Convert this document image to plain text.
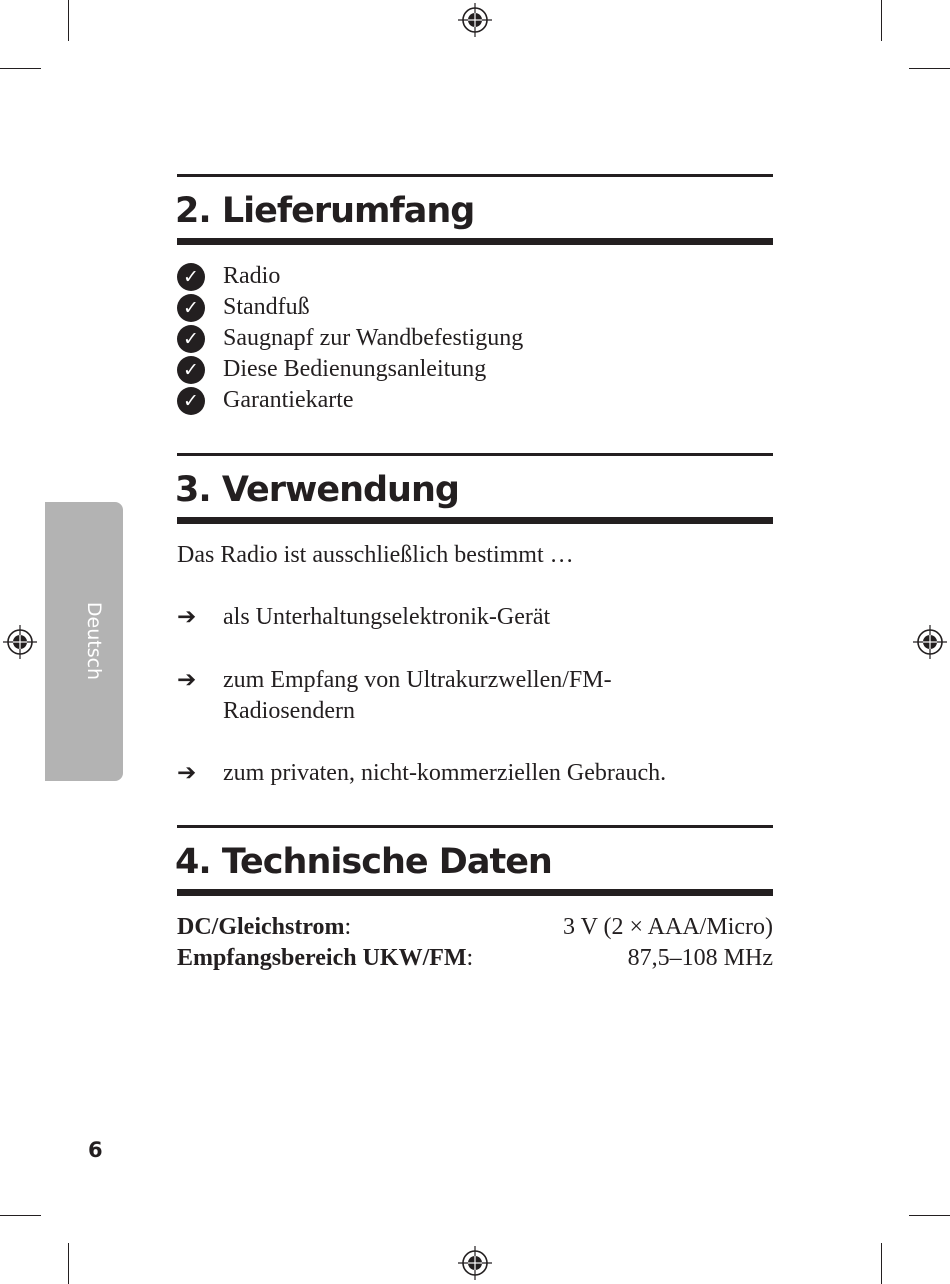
Deutsch
2. Lieferumfang
✓ Radio
✓ Standfuß
✓ Saugnapf zur Wandbefestigung
✓ Diese Bedienungsanleitung
✓ Garantiekarte
3. Verwendung
Das Radio ist ausschließlich bestimmt …
➔	als Unterhaltungselektronik-Gerät
➔	zum Empfang von Ultrakurzwellen/FM-
Radiosendern
➔	zum privaten, nicht-kommerziellen Gebrauch.
4. Technische Daten
DC/Gleichstrom:	3 V (2 × AAA/Micro)
Empfangsbereich UKW/FM:	87,5–108 MHz
6
